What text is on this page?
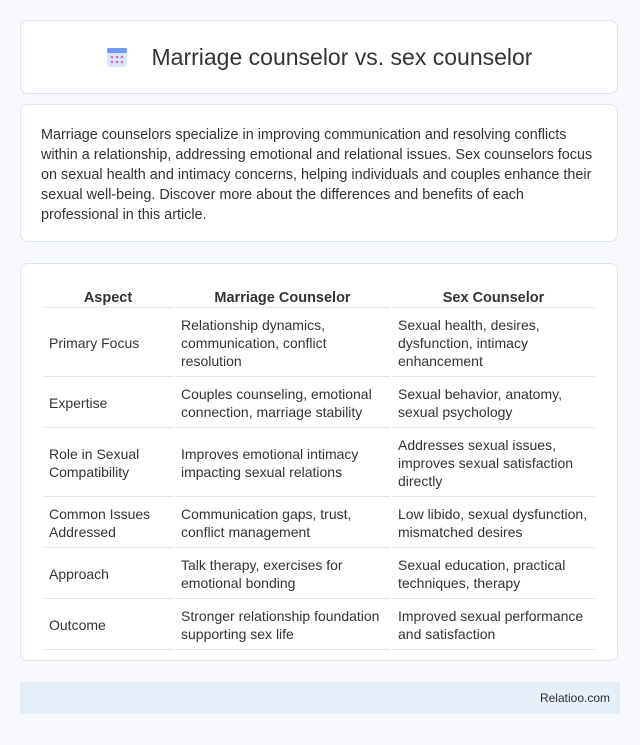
Marriage counselor vs. sex counselor

Marriage counselors specialize in improving communication and resolving conflicts within a relationship, addressing emotional and relational issues. Sex counselors focus on sexual health and intimacy concerns, helping individuals and couples enhance their sexual well-being. Discover more about the differences and benefits of each professional in this article.

Aspect	Marriage Counselor	Sex Counselor
Primary Focus	Relationship dynamics, communication, conflict resolution	Sexual health, desires, dysfunction, intimacy enhancement
Expertise	Couples counseling, emotional connection, marriage stability	Sexual behavior, anatomy, sexual psychology
Role in Sexual Compatibility	Improves emotional intimacy impacting sexual relations	Addresses sexual issues, improves sexual satisfaction directly
Common Issues Addressed	Communication gaps, trust, conflict management	Low libido, sexual dysfunction, mismatched desires
Approach	Talk therapy, exercises for emotional bonding	Sexual education, practical techniques, therapy
Outcome	Stronger relationship foundation supporting sex life	Improved sexual performance and satisfaction
Relatioo.com
